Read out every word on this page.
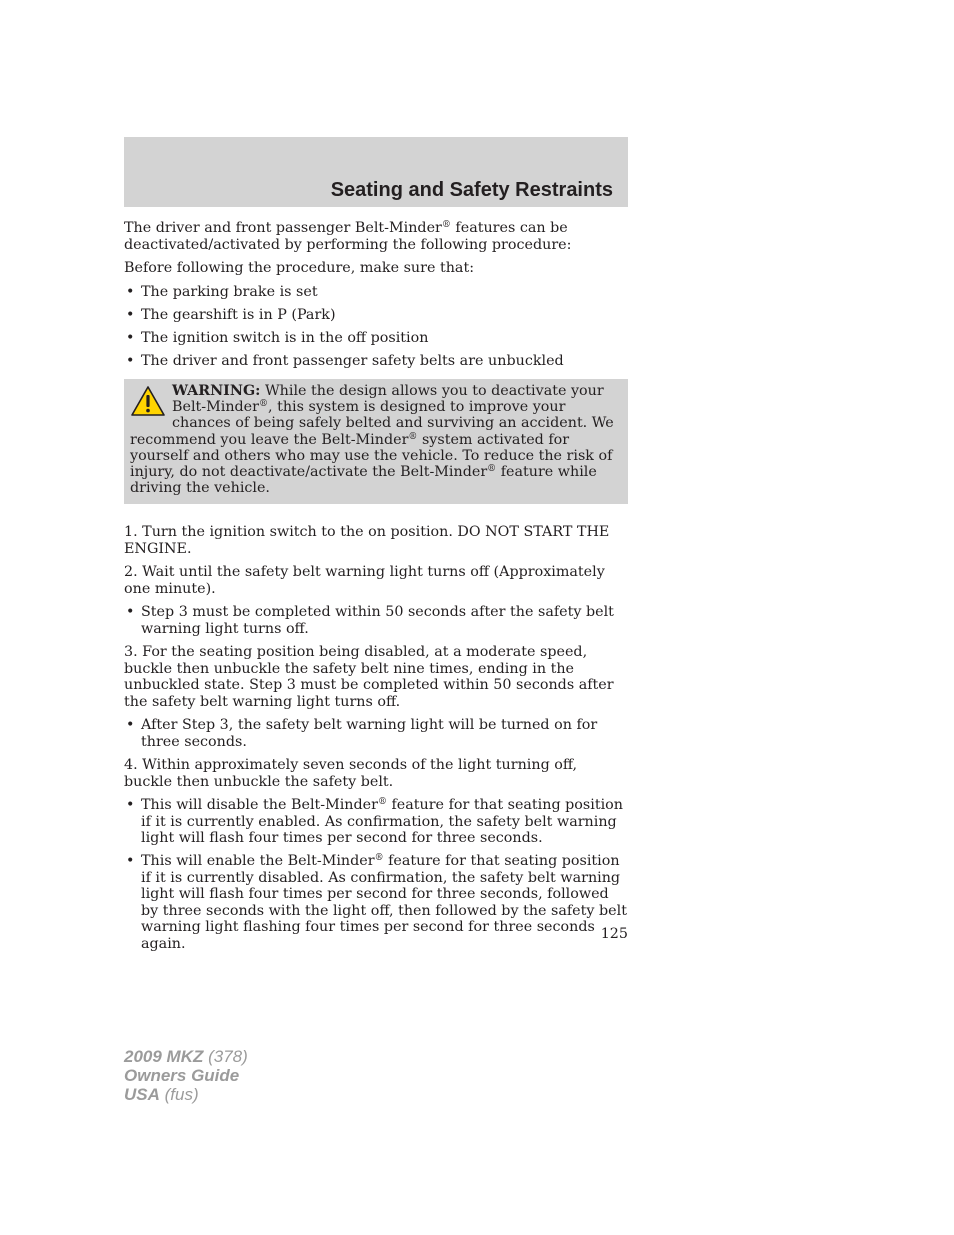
Seating and Safety Restraints

The driver and front passenger Belt-Minder® features can be deactivated/activated by performing the following procedure:

Before following the procedure, make sure that:

• The parking brake is set
• The gearshift is in P (Park)
• The ignition switch is in the off position
• The driver and front passenger safety belts are unbuckled
WARNING: While the design allows you to deactivate your Belt-Minder®, this system is designed to improve your chances of being safely belted and surviving an accident. We recommend you leave the Belt-Minder® system activated for yourself and others who may use the vehicle. To reduce the risk of injury, do not deactivate/activate the Belt-Minder® feature while driving the vehicle.

1. Turn the ignition switch to the on position. DO NOT START THE ENGINE.

2. Wait until the safety belt warning light turns off (Approximately one minute).

• Step 3 must be completed within 50 seconds after the safety belt warning light turns off.

3. For the seating position being disabled, at a moderate speed, buckle then unbuckle the safety belt nine times, ending in the unbuckled state. Step 3 must be completed within 50 seconds after the safety belt warning light turns off.

• After Step 3, the safety belt warning light will be turned on for three seconds.

4. Within approximately seven seconds of the light turning off, buckle then unbuckle the safety belt.

• This will disable the Belt-Minder® feature for that seating position if it is currently enabled. As confirmation, the safety belt warning light will flash four times per second for three seconds.
• This will enable the Belt-Minder® feature for that seating position if it is currently disabled. As confirmation, the safety belt warning light will flash four times per second for three seconds, followed by three seconds with the light off, then followed by the safety belt warning light flashing four times per second for three seconds again.
125
2009 MKZ (378)
Owners Guide
USA (fus)
